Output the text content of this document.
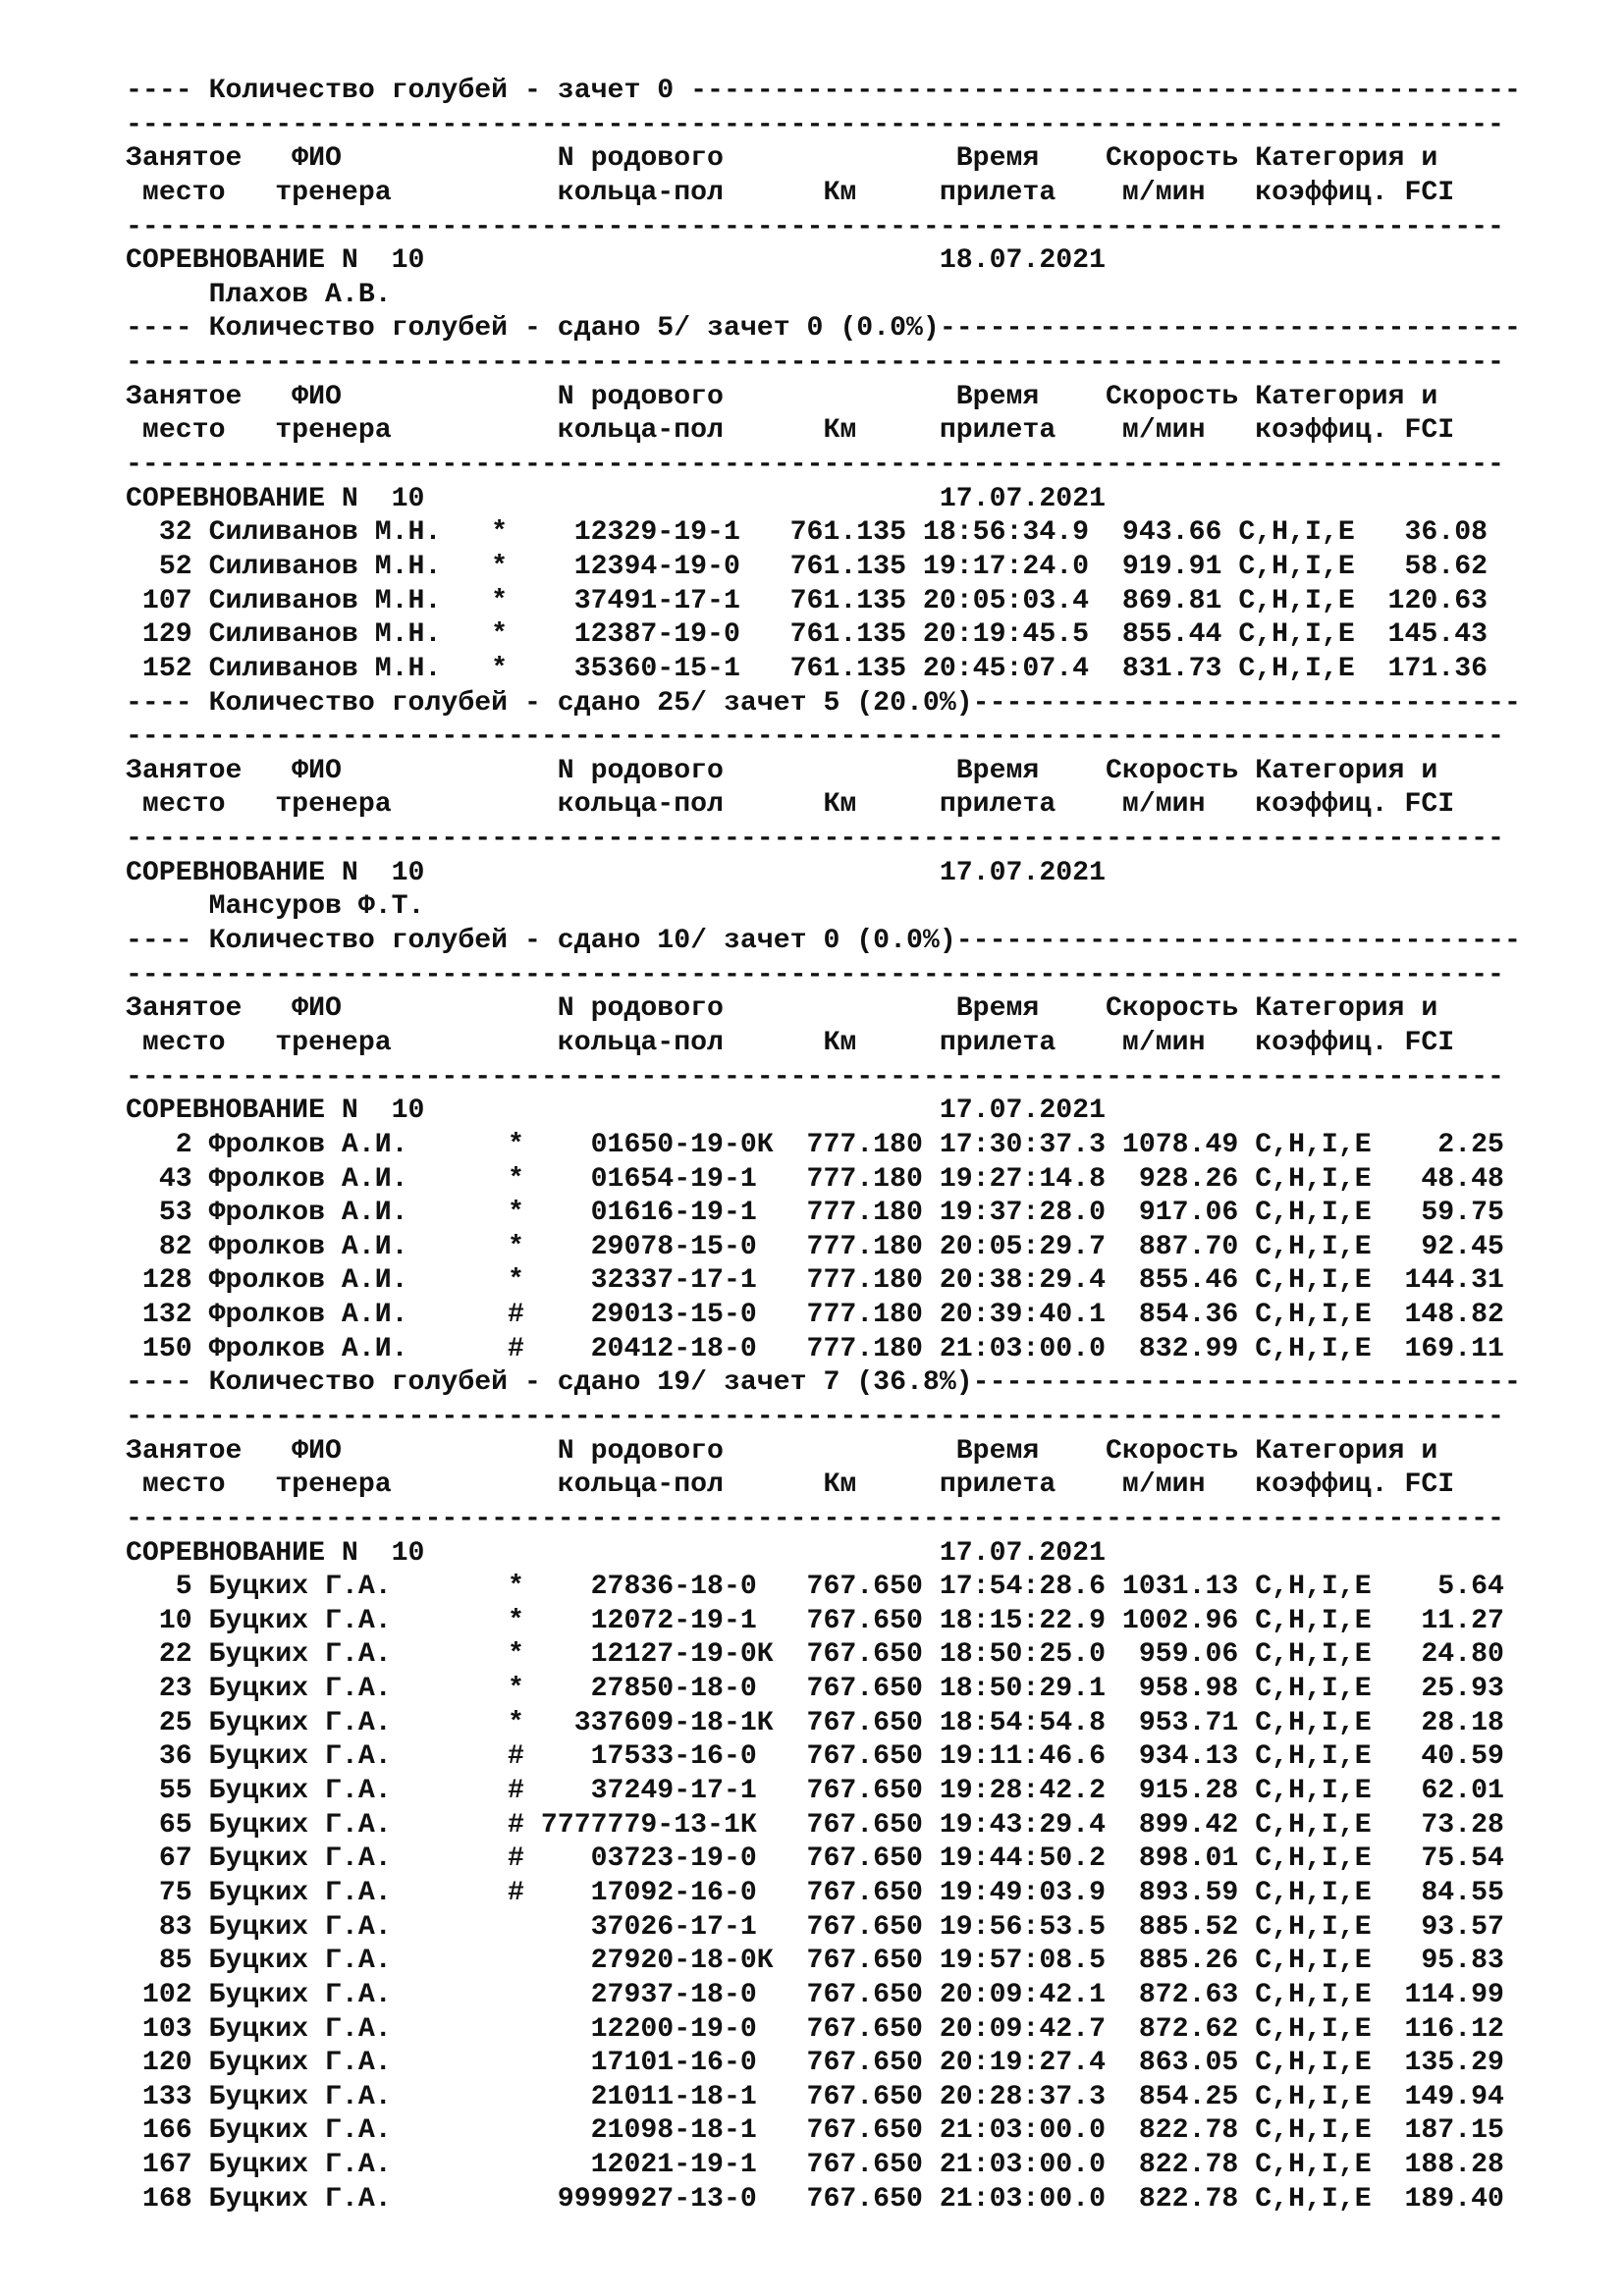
---- Количество голубей - зачет 0 --------------------------------------------------
-----------------------------------------------------------------------------------
Занятое   ФИО             N родового              Время    Скорость Категория и
место   тренера          кольца-пол      Км     прилета    м/мин   коэффиц. FCI
-----------------------------------------------------------------------------------
СОРЕВНОВАНИЕ N  10                               18.07.2021
Плахов А.В.
---- Количество голубей - сдано 5/ зачет 0 (0.0%)-----------------------------------
-----------------------------------------------------------------------------------
Занятое   ФИО             N родового              Время    Скорость Категория и
место   тренера          кольца-пол      Км     прилета    м/мин   коэффиц. FCI
-----------------------------------------------------------------------------------
СОРЕВНОВАНИЕ N  10                               17.07.2021
32 Силиванов М.Н.   *    12329-19-1   761.135 18:56:34.9  943.66 C,H,I,E   36.08
52 Силиванов М.Н.   *    12394-19-0   761.135 19:17:24.0  919.91 C,H,I,E   58.62
107 Силиванов М.Н.   *    37491-17-1   761.135 20:05:03.4  869.81 C,H,I,E  120.63
129 Силиванов М.Н.   *    12387-19-0   761.135 20:19:45.5  855.44 C,H,I,E  145.43
152 Силиванов М.Н.   *    35360-15-1   761.135 20:45:07.4  831.73 C,H,I,E  171.36
---- Количество голубей - сдано 25/ зачет 5 (20.0%)---------------------------------
-----------------------------------------------------------------------------------
Занятое   ФИО             N родового              Время    Скорость Категория и
место   тренера          кольца-пол      Км     прилета    м/мин   коэффиц. FCI
-----------------------------------------------------------------------------------
СОРЕВНОВАНИЕ N  10                               17.07.2021
Мансуров Ф.Т.
---- Количество голубей - сдано 10/ зачет 0 (0.0%)----------------------------------
-----------------------------------------------------------------------------------
Занятое   ФИО             N родового              Время    Скорость Категория и
место   тренера          кольца-пол      Км     прилета    м/мин   коэффиц. FCI
-----------------------------------------------------------------------------------
СОРЕВНОВАНИЕ N  10                               17.07.2021
2 Фролков А.И.      *    01650-19-0К  777.180 17:30:37.3 1078.49 C,H,I,E    2.25
43 Фролков А.И.      *    01654-19-1   777.180 19:27:14.8  928.26 C,H,I,E   48.48
53 Фролков А.И.      *    01616-19-1   777.180 19:37:28.0  917.06 C,H,I,E   59.75
82 Фролков А.И.      *    29078-15-0   777.180 20:05:29.7  887.70 C,H,I,E   92.45
128 Фролков А.И.      *    32337-17-1   777.180 20:38:29.4  855.46 C,H,I,E  144.31
132 Фролков А.И.      #    29013-15-0   777.180 20:39:40.1  854.36 C,H,I,E  148.82
150 Фролков А.И.      #    20412-18-0   777.180 21:03:00.0  832.99 C,H,I,E  169.11
---- Количество голубей - сдано 19/ зачет 7 (36.8%)---------------------------------
-----------------------------------------------------------------------------------
Занятое   ФИО             N родового              Время    Скорость Категория и
место   тренера          кольца-пол      Км     прилета    м/мин   коэффиц. FCI
-----------------------------------------------------------------------------------
СОРЕВНОВАНИЕ N  10                               17.07.2021
5 Буцких Г.А.       *    27836-18-0   767.650 17:54:28.6 1031.13 C,H,I,E    5.64
10 Буцких Г.А.       *    12072-19-1   767.650 18:15:22.9 1002.96 C,H,I,E   11.27
22 Буцких Г.А.       *    12127-19-0К  767.650 18:50:25.0  959.06 C,H,I,E   24.80
23 Буцких Г.А.       *    27850-18-0   767.650 18:50:29.1  958.98 C,H,I,E   25.93
25 Буцких Г.А.       *   337609-18-1К  767.650 18:54:54.8  953.71 C,H,I,E   28.18
36 Буцких Г.А.       #    17533-16-0   767.650 19:11:46.6  934.13 C,H,I,E   40.59
55 Буцких Г.А.       #    37249-17-1   767.650 19:28:42.2  915.28 C,H,I,E   62.01
65 Буцких Г.А.       # 7777779-13-1К   767.650 19:43:29.4  899.42 C,H,I,E   73.28
67 Буцких Г.А.       #    03723-19-0   767.650 19:44:50.2  898.01 C,H,I,E   75.54
75 Буцких Г.А.       #    17092-16-0   767.650 19:49:03.9  893.59 C,H,I,E   84.55
83 Буцких Г.А.            37026-17-1   767.650 19:56:53.5  885.52 C,H,I,E   93.57
85 Буцких Г.А.            27920-18-0К  767.650 19:57:08.5  885.26 C,H,I,E   95.83
102 Буцких Г.А.            27937-18-0   767.650 20:09:42.1  872.63 C,H,I,E  114.99
103 Буцких Г.А.            12200-19-0   767.650 20:09:42.7  872.62 C,H,I,E  116.12
120 Буцких Г.А.            17101-16-0   767.650 20:19:27.4  863.05 C,H,I,E  135.29
133 Буцких Г.А.            21011-18-1   767.650 20:28:37.3  854.25 C,H,I,E  149.94
166 Буцких Г.А.            21098-18-1   767.650 21:03:00.0  822.78 C,H,I,E  187.15
167 Буцких Г.А.            12021-19-1   767.650 21:03:00.0  822.78 C,H,I,E  188.28
168 Буцких Г.А.          9999927-13-0   767.650 21:03:00.0  822.78 C,H,I,E  189.40
